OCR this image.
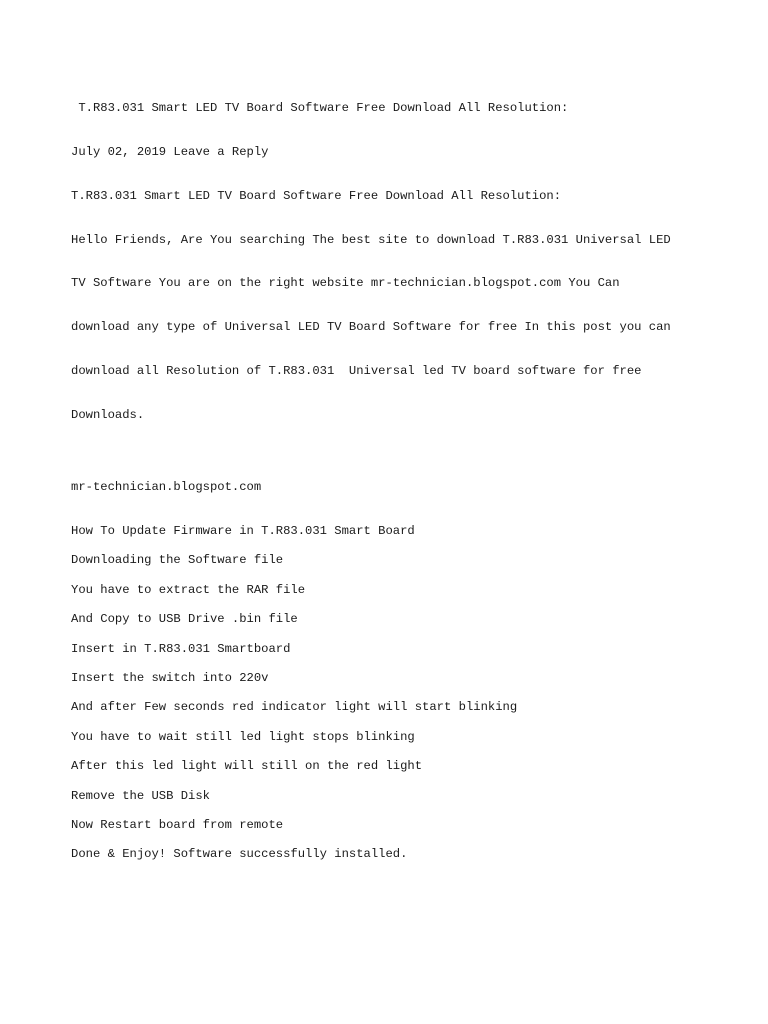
T.R83.031 Smart LED TV Board Software Free Download All Resolution:

July 02, 2019 Leave a Reply

T.R83.031 Smart LED TV Board Software Free Download All Resolution:

Hello Friends, Are You searching The best site to download T.R83.031 Universal LED

TV Software You are on the right website mr-technician.blogspot.com You Can

download any type of Universal LED TV Board Software for free In this post you can

download all Resolution of T.R83.031  Universal led TV board software for free

Downloads.

mr-technician.blogspot.com
How To Update Firmware in T.R83.031 Smart Board
Downloading the Software file
You have to extract the RAR file
And Copy to USB Drive .bin file
Insert in T.R83.031 Smartboard
Insert the switch into 220v
And after Few seconds red indicator light will start blinking
You have to wait still led light stops blinking
After this led light will still on the red light
Remove the USB Disk
Now Restart board from remote
Done & Enjoy! Software successfully installed.
